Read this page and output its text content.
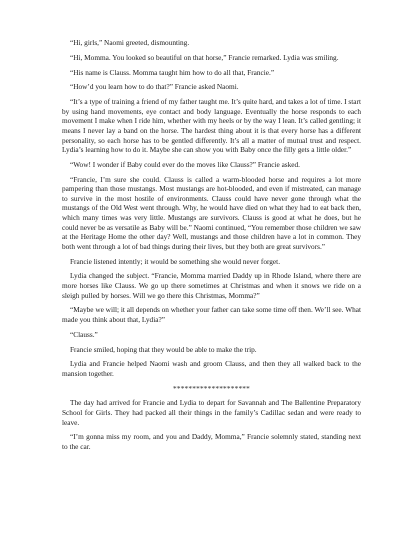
“Hi, girls,” Naomi greeted, dismounting.

“Hi, Momma. You looked so beautiful on that horse,” Francie remarked. Lydia was smiling.

“His name is Clauss. Momma taught him how to do all that, Francie.”

“How’d you learn how to do that?” Francie asked Naomi.

“It’s a type of training a friend of my father taught me. It’s quite hard, and takes a lot of time. I start by using hand movements, eye contact and body language. Eventually the horse responds to each movement I make when I ride him, whether with my heels or by the way I lean. It’s called gentling; it means I never lay a band on the horse. The hardest thing about it is that every horse has a different personality, so each horse has to be gentled differently. It’s all a matter of mutual trust and respect. Lydia’s learning how to do it. Maybe she can show you with Baby once the filly gets a little older.”

“Wow! I wonder if Baby could ever do the moves like Clauss?” Francie asked.

“Francie, I’m sure she could. Clauss is called a warm-blooded horse and requires a lot more pampering than those mustangs. Most mustangs are hot-blooded, and even if mistreated, can manage to survive in the most hostile of environments. Clauss could have never gone through what the mustangs of the Old West went through. Why, he would have died on what they had to eat back then, which many times was very little. Mustangs are survivors. Clauss is good at what he does, but he could never be as versatile as Baby will be.” Naomi continued, “You remember those children we saw at the Heritage Home the other day? Well, mustangs and those children have a lot in common. They both went through a lot of bad things during their lives, but they both are great survivors.”

Francie listened intently; it would be something she would never forget.

Lydia changed the subject. “Francie, Momma married Daddy up in Rhode Island, where there are more horses like Clauss. We go up there sometimes at Christmas and when it snows we ride on a sleigh pulled by horses. Will we go there this Christmas, Momma?”

“Maybe we will; it all depends on whether your father can take some time off then. We’ll see. What made you think about that, Lydia?”

“Clauss.”

Francie smiled, hoping that they would be able to make the trip.

Lydia and Francie helped Naomi wash and groom Clauss, and then they all walked back to the mansion together.

********************

The day had arrived for Francie and Lydia to depart for Savannah and The Ballentine Preparatory School for Girls. They had packed all their things in the family’s Cadillac sedan and were ready to leave.

“I’m gonna miss my room, and you and Daddy, Momma,” Francie solemnly stated, standing next to the car.
